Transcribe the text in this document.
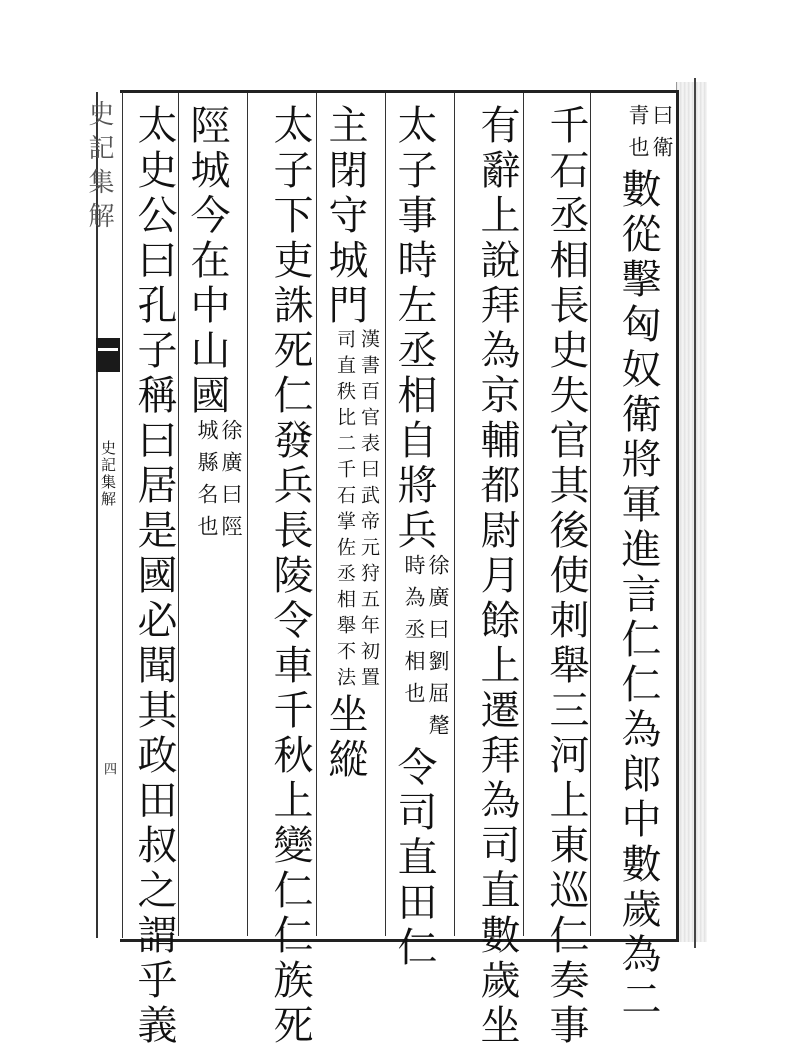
史記集解
史記集解
四
曰衛
青也
數從擊匈奴衛將軍進言仁仁為郎中數歲為二
千石丞相長史失官其後使刺舉三河上東巡仁奏事
有辭上說拜為京輔都尉月餘上遷拜為司直數歲坐
太子事時左丞相自將兵
徐廣曰劉屈氂
時為丞相也
令司直田仁
主閉守城門
漢書百官表曰武帝元狩五年初置
司直秩比二千石掌佐丞相舉不法
坐縱
太子下吏誅死仁發兵長陵令車千秋上變仁仁族死
陘城今在中山國
徐廣曰陘
城縣名也
太史公曰孔子稱曰居是國必聞其政田叔之謂乎義
